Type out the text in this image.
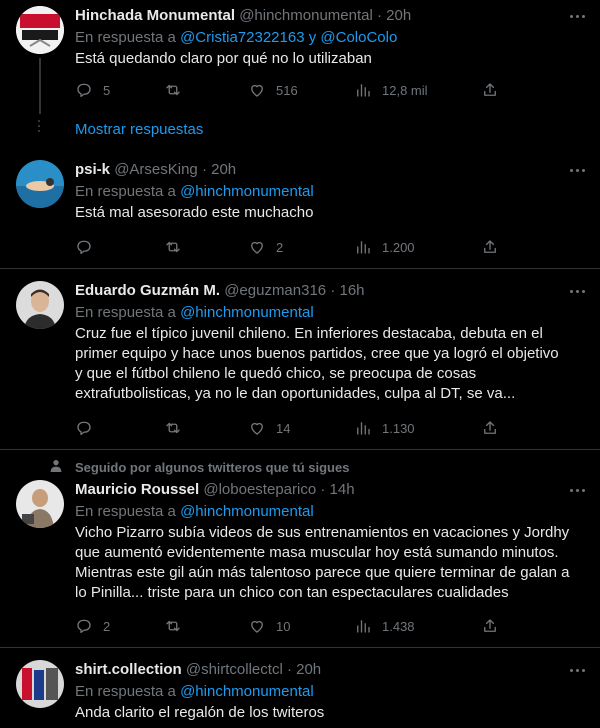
Hinchada Monumental @hinchmonumental · 20h
En respuesta a @Cristia72322163 y @ColoColo
Está quedando claro por qué no lo utilizaban
5	516	12,8 mil
Mostrar respuestas
psi-k @ArsesKing · 20h
En respuesta a @hinchmonumental
Está mal asesorado este muchacho
2	1.200
Eduardo Guzmán M. @eguzman316 · 16h
En respuesta a @hinchmonumental
Cruz fue el típico juvenil chileno. En inferiores destacaba, debuta en el
primer equipo y hace unos buenos partidos, cree que ya logró el objetivo
y que el fútbol chileno le quedó chico, se preocupa de cosas
extrafutbolisticas, ya no le dan oportunidades, culpa al DT, se va...
14	1.130
Seguido por algunos twitteros que tú sigues
Mauricio Roussel @loboesteparico · 14h
En respuesta a @hinchmonumental
Vicho Pizarro subía videos de sus entrenamientos en vacaciones y Jordhy
que aumentó evidentemente masa muscular hoy está sumando minutos.
Mientras este gil aún más talentoso parece que quiere terminar de galan a
lo Pinilla... triste para un chico con tan espectaculares cualidades
2	10	1.438
shirt.collection @shirtcollectcl · 20h
En respuesta a @hinchmonumental
Anda clarito el regalón de los twiteros
